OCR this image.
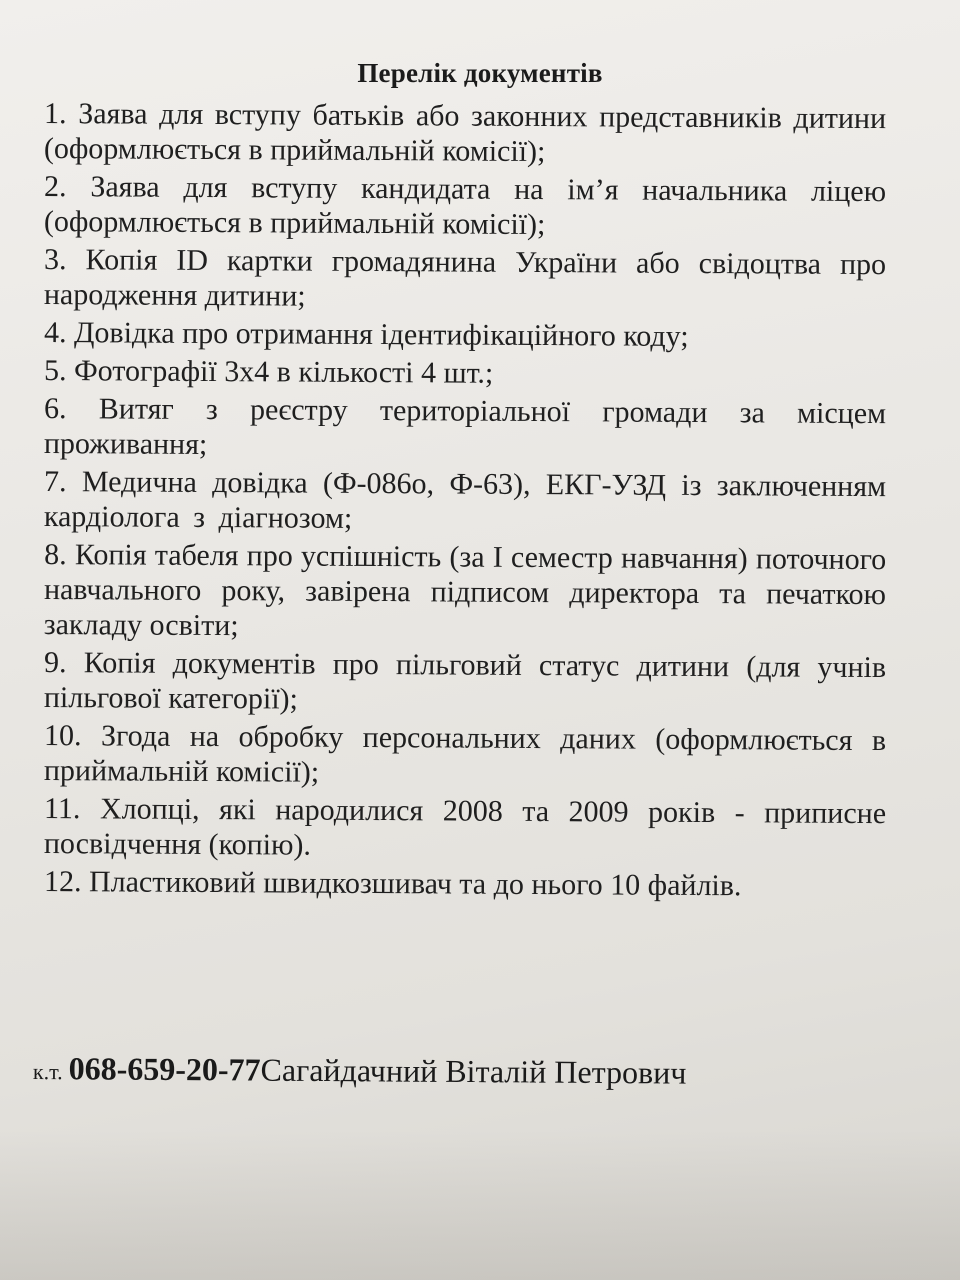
Перелік документів

1. Заява для вступу батьків або законних представників дитини (оформлюється в приймальній комісії);

2. Заява для вступу кандидата на ім’я начальника ліцею (оформлюється в приймальній комісії);

3. Копія ID картки громадянина України або свідоцтва про народження дитини;

4. Довідка про отримання ідентифікаційного коду;

5. Фотографії 3х4 в кількості 4 шт.;

6. Витяг з реєстру територіальної громади за місцем проживання;

7. Медична довідка (Ф-086о, Ф-63), ЕКГ-УЗД із заключенням кардіолога з діагнозом;

8. Копія табеля про успішність (за І семестр навчання) поточного навчального року, завірена підписом директора та печаткою закладу освіти;

9. Копія документів про пільговий статус дитини (для учнів пільгової категорії);

10. Згода на обробку персональних даних (оформлюється в приймальній комісії);

11. Хлопці, які народилися 2008 та 2009 років - приписне посвідчення (копію).

12. Пластиковий швидкозшивач та до нього 10 файлів.

к.т. 068-659-20-77Сагайдачний Віталій Петрович
